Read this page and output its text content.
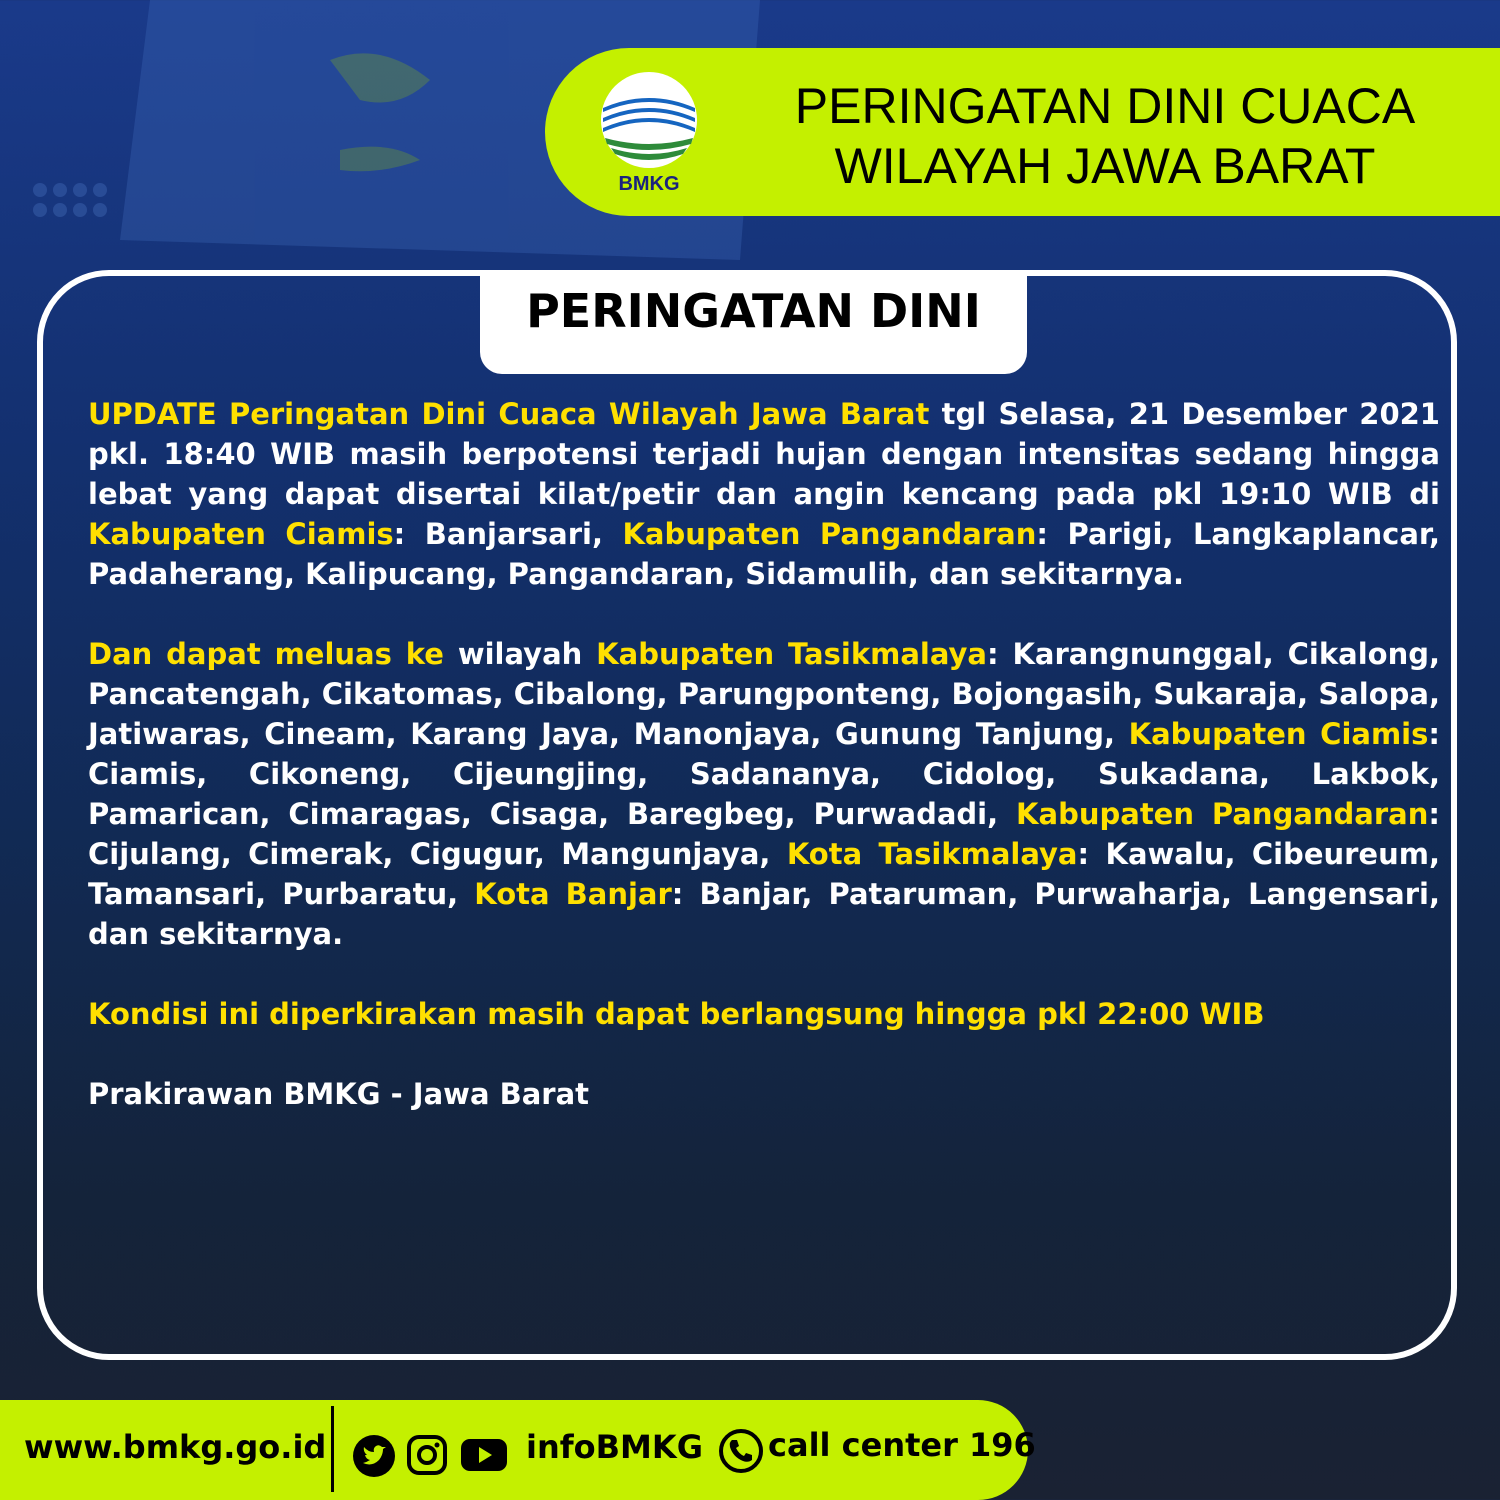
BMKG
PERINGATAN DINI CUACA
WILAYAH JAWA BARAT
PERINGATAN DINI

UPDATE Peringatan Dini Cuaca Wilayah Jawa Barat tgl Selasa, 21 Desember 2021 pkl. 18:40 WIB masih berpotensi terjadi hujan dengan intensitas sedang hingga lebat yang dapat disertai kilat/petir dan angin kencang pada pkl 19:10 WIB di Kabupaten Ciamis: Banjarsari, Kabupaten Pangandaran: Parigi, Langkaplancar, Padaherang, Kalipucang, Pangandaran, Sidamulih, dan sekitarnya.

Dan dapat meluas ke wilayah Kabupaten Tasikmalaya: Karangnunggal, Cikalong, Pancatengah, Cikatomas, Cibalong, Parungponteng, Bojongasih, Sukaraja, Salopa, Jatiwaras, Cineam, Karang Jaya, Manonjaya, Gunung Tanjung, Kabupaten Ciamis: Ciamis, Cikoneng, Cijeungjing, Sadananya, Cidolog, Sukadana, Lakbok, Pamarican, Cimaragas, Cisaga, Baregbeg, Purwadadi, Kabupaten Pangandaran: Cijulang, Cimerak, Cigugur, Mangunjaya, Kota Tasikmalaya: Kawalu, Cibeureum, Tamansari, Purbaratu, Kota Banjar: Banjar, Pataruman, Purwaharja, Langensari, dan sekitarnya.

Kondisi ini diperkirakan masih dapat berlangsung hingga pkl 22:00 WIB

Prakirawan BMKG - Jawa Barat

www.bmkg.go.id	infoBMKG call center 196
